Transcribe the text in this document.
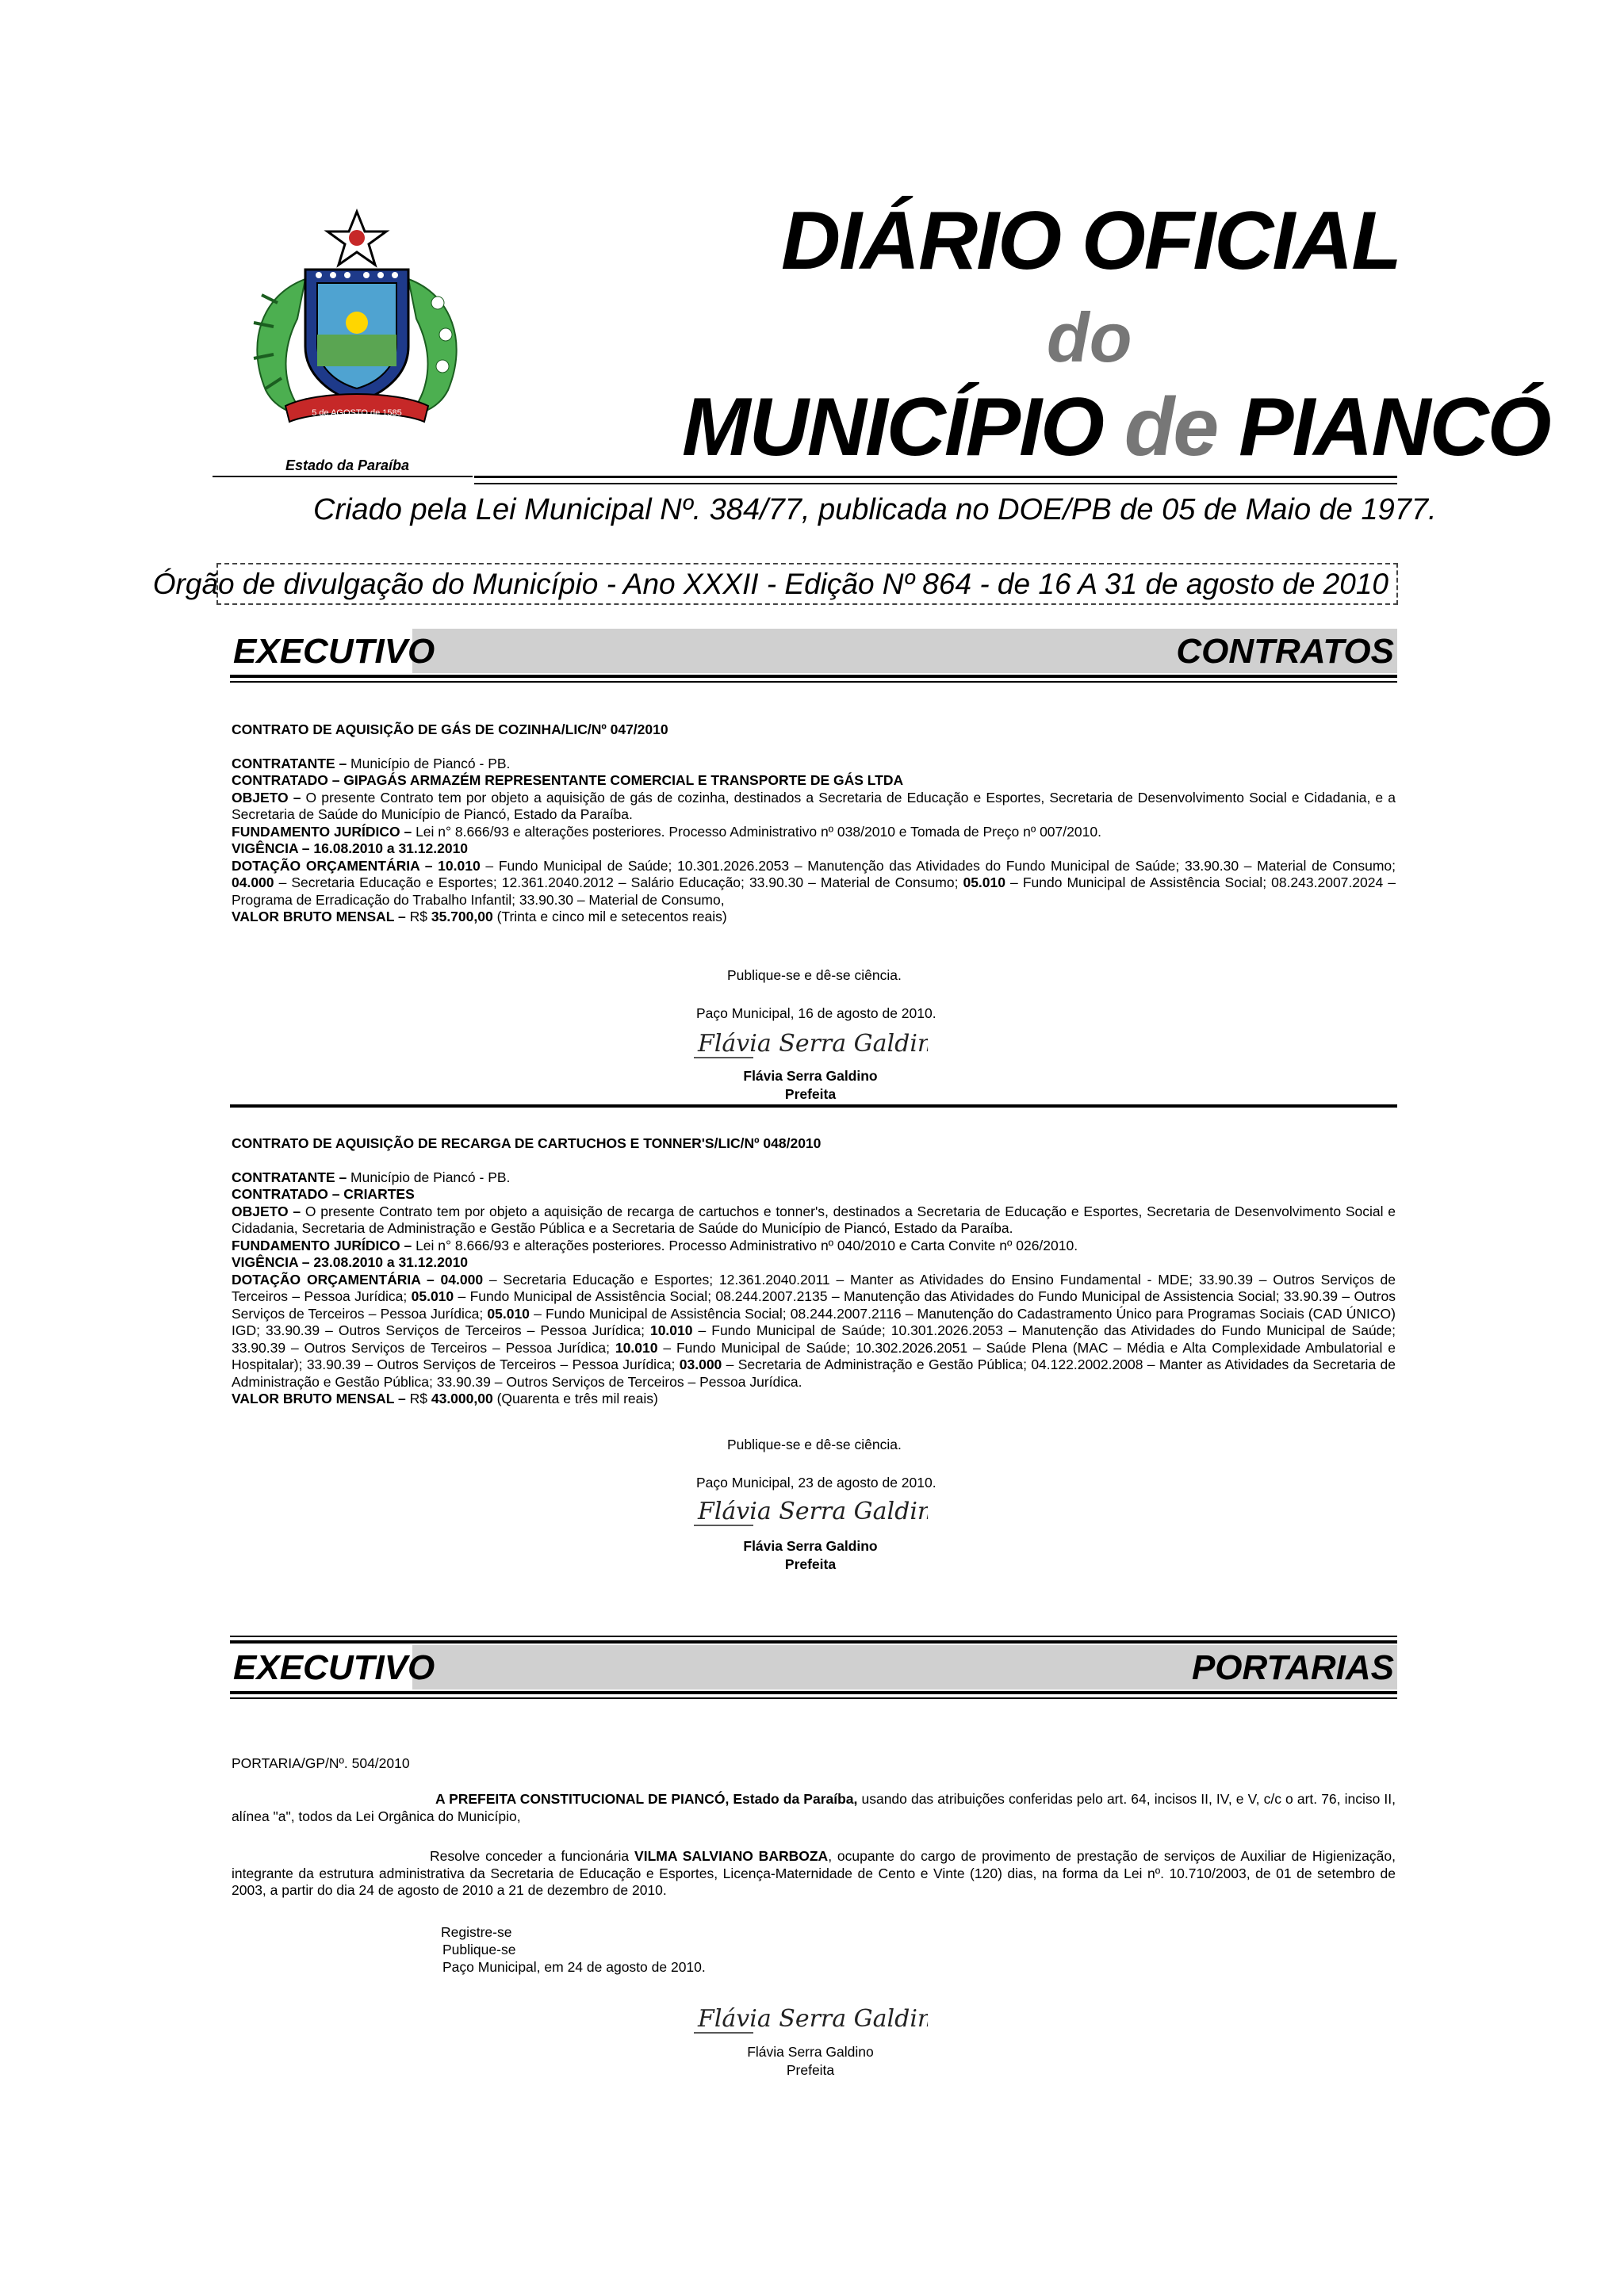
5 de AGOSTO de 1585
Estado da Paraíba
DIÁRIO OFICIAL
do
MUNICÍPIO de PIANCÓ
Criado pela Lei Municipal Nº. 384/77, publicada no DOE/PB de 05 de Maio de 1977.
Órgão de divulgação do Município - Ano XXXII - Edição Nº 864 - de 16 A 31 de agosto de 2010
EXECUTIVO	CONTRATOS

CONTRATO DE AQUISIÇÃO DE GÁS DE COZINHA/LIC/Nº 047/2010

CONTRATANTE – Município de Piancó - PB.

CONTRATADO – GIPAGÁS ARMAZÉM REPRESENTANTE COMERCIAL E TRANSPORTE DE GÁS LTDA

OBJETO – O presente Contrato tem por objeto a aquisição de gás de cozinha, destinados a Secretaria de Educação e Esportes, Secretaria de Desenvolvimento Social e Cidadania, e a Secretaria de Saúde do Município de Piancó, Estado da Paraíba.

FUNDAMENTO JURÍDICO – Lei n° 8.666/93 e alterações posteriores. Processo Administrativo nº 038/2010 e Tomada de Preço nº 007/2010.

VIGÊNCIA – 16.08.2010 a 31.12.2010

DOTAÇÃO ORÇAMENTÁRIA – 10.010 – Fundo Municipal de Saúde; 10.301.2026.2053 – Manutenção das Atividades do Fundo Municipal de Saúde; 33.90.30 – Material de Consumo; 04.000 – Secretaria Educação e Esportes; 12.361.2040.2012 – Salário Educação; 33.90.30 – Material de Consumo; 05.010 – Fundo Municipal de Assistência Social; 08.243.2007.2024 – Programa de Erradicação do Trabalho Infantil; 33.90.30 – Material de Consumo,

VALOR BRUTO MENSAL – R$ 35.700,00 (Trinta e cinco mil e setecentos reais)

Publique-se e dê-se ciência.
Paço Municipal, 16 de agosto de 2010.
Flávia Serra Galdino
Flávia Serra Galdino
Prefeita

CONTRATO DE AQUISIÇÃO DE RECARGA DE CARTUCHOS E TONNER'S/LIC/Nº 048/2010

CONTRATANTE – Município de Piancó - PB.

CONTRATADO – CRIARTES

OBJETO – O presente Contrato tem por objeto a aquisição de recarga de cartuchos e tonner's, destinados a Secretaria de Educação e Esportes, Secretaria de Desenvolvimento Social e Cidadania, Secretaria de Administração e Gestão Pública e a Secretaria de Saúde do Município de Piancó, Estado da Paraíba.

FUNDAMENTO JURÍDICO – Lei n° 8.666/93 e alterações posteriores. Processo Administrativo nº 040/2010 e Carta Convite nº 026/2010.

VIGÊNCIA – 23.08.2010 a 31.12.2010

DOTAÇÃO ORÇAMENTÁRIA – 04.000 – Secretaria Educação e Esportes; 12.361.2040.2011 – Manter as Atividades do Ensino Fundamental - MDE; 33.90.39 – Outros Serviços de Terceiros – Pessoa Jurídica; 05.010 – Fundo Municipal de Assistência Social; 08.244.2007.2135 – Manutenção das Atividades do Fundo Municipal de Assistencia Social; 33.90.39 – Outros Serviços de Terceiros – Pessoa Jurídica; 05.010 – Fundo Municipal de Assistência Social; 08.244.2007.2116 – Manutenção do Cadastramento Único para Programas Sociais (CAD ÚNICO) IGD; 33.90.39 – Outros Serviços de Terceiros – Pessoa Jurídica; 10.010 – Fundo Municipal de Saúde; 10.301.2026.2053 – Manutenção das Atividades do Fundo Municipal de Saúde; 33.90.39 – Outros Serviços de Terceiros – Pessoa Jurídica; 10.010 – Fundo Municipal de Saúde; 10.302.2026.2051 – Saúde Plena (MAC – Média e Alta Complexidade Ambulatorial e Hospitalar); 33.90.39 – Outros Serviços de Terceiros – Pessoa Jurídica; 03.000 – Secretaria de Administração e Gestão Pública; 04.122.2002.2008 – Manter as Atividades da Secretaria de Administração e Gestão Pública; 33.90.39 – Outros Serviços de Terceiros – Pessoa Jurídica.

VALOR BRUTO MENSAL – R$ 43.000,00 (Quarenta e três mil reais)

Publique-se e dê-se ciência.
Paço Municipal, 23 de agosto de 2010.
Flávia Serra Galdino
Flávia Serra Galdino
Prefeita
EXECUTIVO	PORTARIAS
PORTARIA/GP/Nº. 504/2010

A PREFEITA CONSTITUCIONAL DE PIANCÓ, Estado da Paraíba, usando das atribuições conferidas pelo art. 64, incisos II, IV, e V, c/c o art. 76, inciso II, alínea "a", todos da Lei Orgânica do Município,

Resolve conceder a funcionária VILMA SALVIANO BARBOZA, ocupante do cargo de provimento de prestação de serviços de Auxiliar de Higienização, integrante da estrutura administrativa da Secretaria de Educação e Esportes, Licença-Maternidade de Cento e Vinte (120) dias, na forma da Lei nº. 10.710/2003, de 01 de setembro de 2003, a partir do dia 24 de agosto de 2010 a 21 de dezembro de 2010.

Registre-se
Publique-se
Paço Municipal, em 24 de agosto de 2010.
Flávia Serra Galdino
Flávia Serra Galdino
Prefeita
